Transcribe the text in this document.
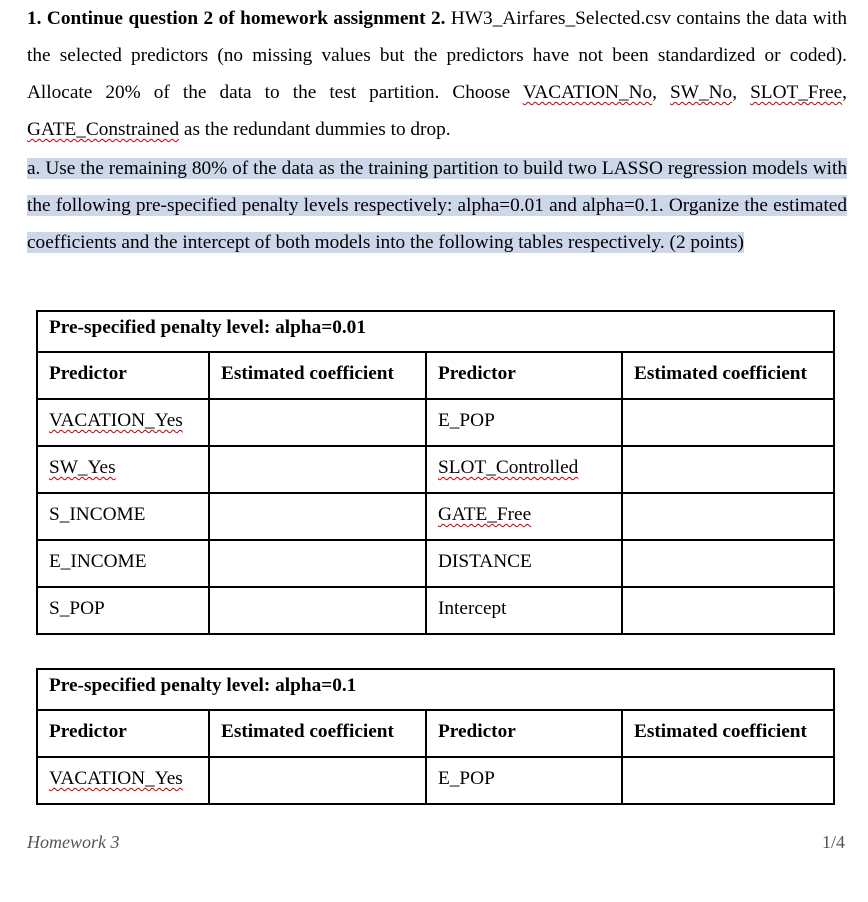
1. Continue question 2 of homework assignment 2. HW3_Airfares_Selected.csv contains the data with the selected predictors (no missing values but the predictors have not been standardized or coded). Allocate 20% of the data to the test partition. Choose VACATION_No, SW_No, SLOT_Free, GATE_Constrained as the redundant dummies to drop.
a. Use the remaining 80% of the data as the training partition to build two LASSO regression models with the following pre-specified penalty levels respectively: alpha=0.01 and alpha=0.1. Organize the estimated coefficients and the intercept of both models into the following tables respectively. (2 points)
Pre-specified penalty level: alpha=0.01			
Predictor	Estimated coefficient	Predictor	Estimated coefficient
VACATION_Yes		E_POP	
SW_Yes		SLOT_Controlled	
S_INCOME		GATE_Free	
E_INCOME		DISTANCE	
S_POP		Intercept	
Pre-specified penalty level: alpha=0.1			
Predictor	Estimated coefficient	Predictor	Estimated coefficient
VACATION_Yes		E_POP	
Homework 3	1/4
